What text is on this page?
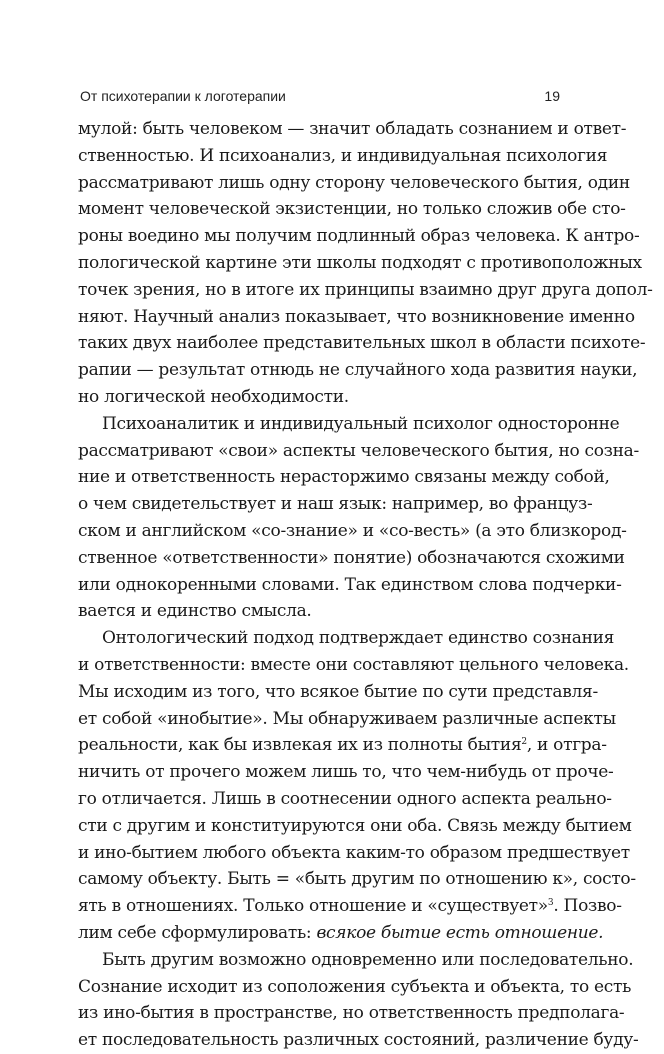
От психотерапии к логотерапии	19
мулой: быть человеком — значит обладать сознанием и ответ-
ственностью. И психоанализ, и индивидуальная психология
рассматривают лишь одну сторону человеческого бытия, один
момент человеческой экзистенции, но только сложив обе сто-
роны воедино мы получим подлинный образ человека. К антро-
пологической картине эти школы подходят с противоположных
точек зрения, но в итоге их принципы взаимно друг друга допол-
няют. Научный анализ показывает, что возникновение именно
таких двух наиболее представительных школ в области психоте-
рапии — результат отнюдь не случайного хода развития науки,
но логической необходимости.
Психоаналитик и индивидуальный психолог односторонне
рассматривают «свои» аспекты человеческого бытия, но созна-
ние и ответственность нерасторжимо связаны между собой,
о чем свидетельствует и наш язык: например, во француз-
ском и английском «со-знание» и «со-весть» (а это близкород-
ственное «ответственности» понятие) обозначаются схожими
или однокоренными словами. Так единством слова подчерки-
вается и единство смысла.
Онтологический подход подтверждает единство сознания
и ответственности: вместе они составляют цельного человека.
Мы исходим из того, что всякое бытие по сути представля-
ет собой «инобытие». Мы обнаруживаем различные аспекты
реальности, как бы извлекая их из полноты бытия$^2$, и отгра-
ничить от прочего можем лишь то, что чем-нибудь от проче-
го отличается. Лишь в соотнесении одного аспекта реально-
сти с другим и конституируются они оба. Связь между бытием
и ино-бытием любого объекта каким-то образом предшествует
самому объекту. Быть = «быть другим по отношению к», состо-
ять в отношениях. Только отношение и «существует»$^3$. Позво-
лим себе сформулировать: всякое бытие есть отношение.
Быть другим возможно одновременно или последовательно.
Сознание исходит из соположения субъекта и объекта, то есть
из ино-бытия в пространстве, но ответственность предполага-
ет последовательность различных состояний, различение буду-
